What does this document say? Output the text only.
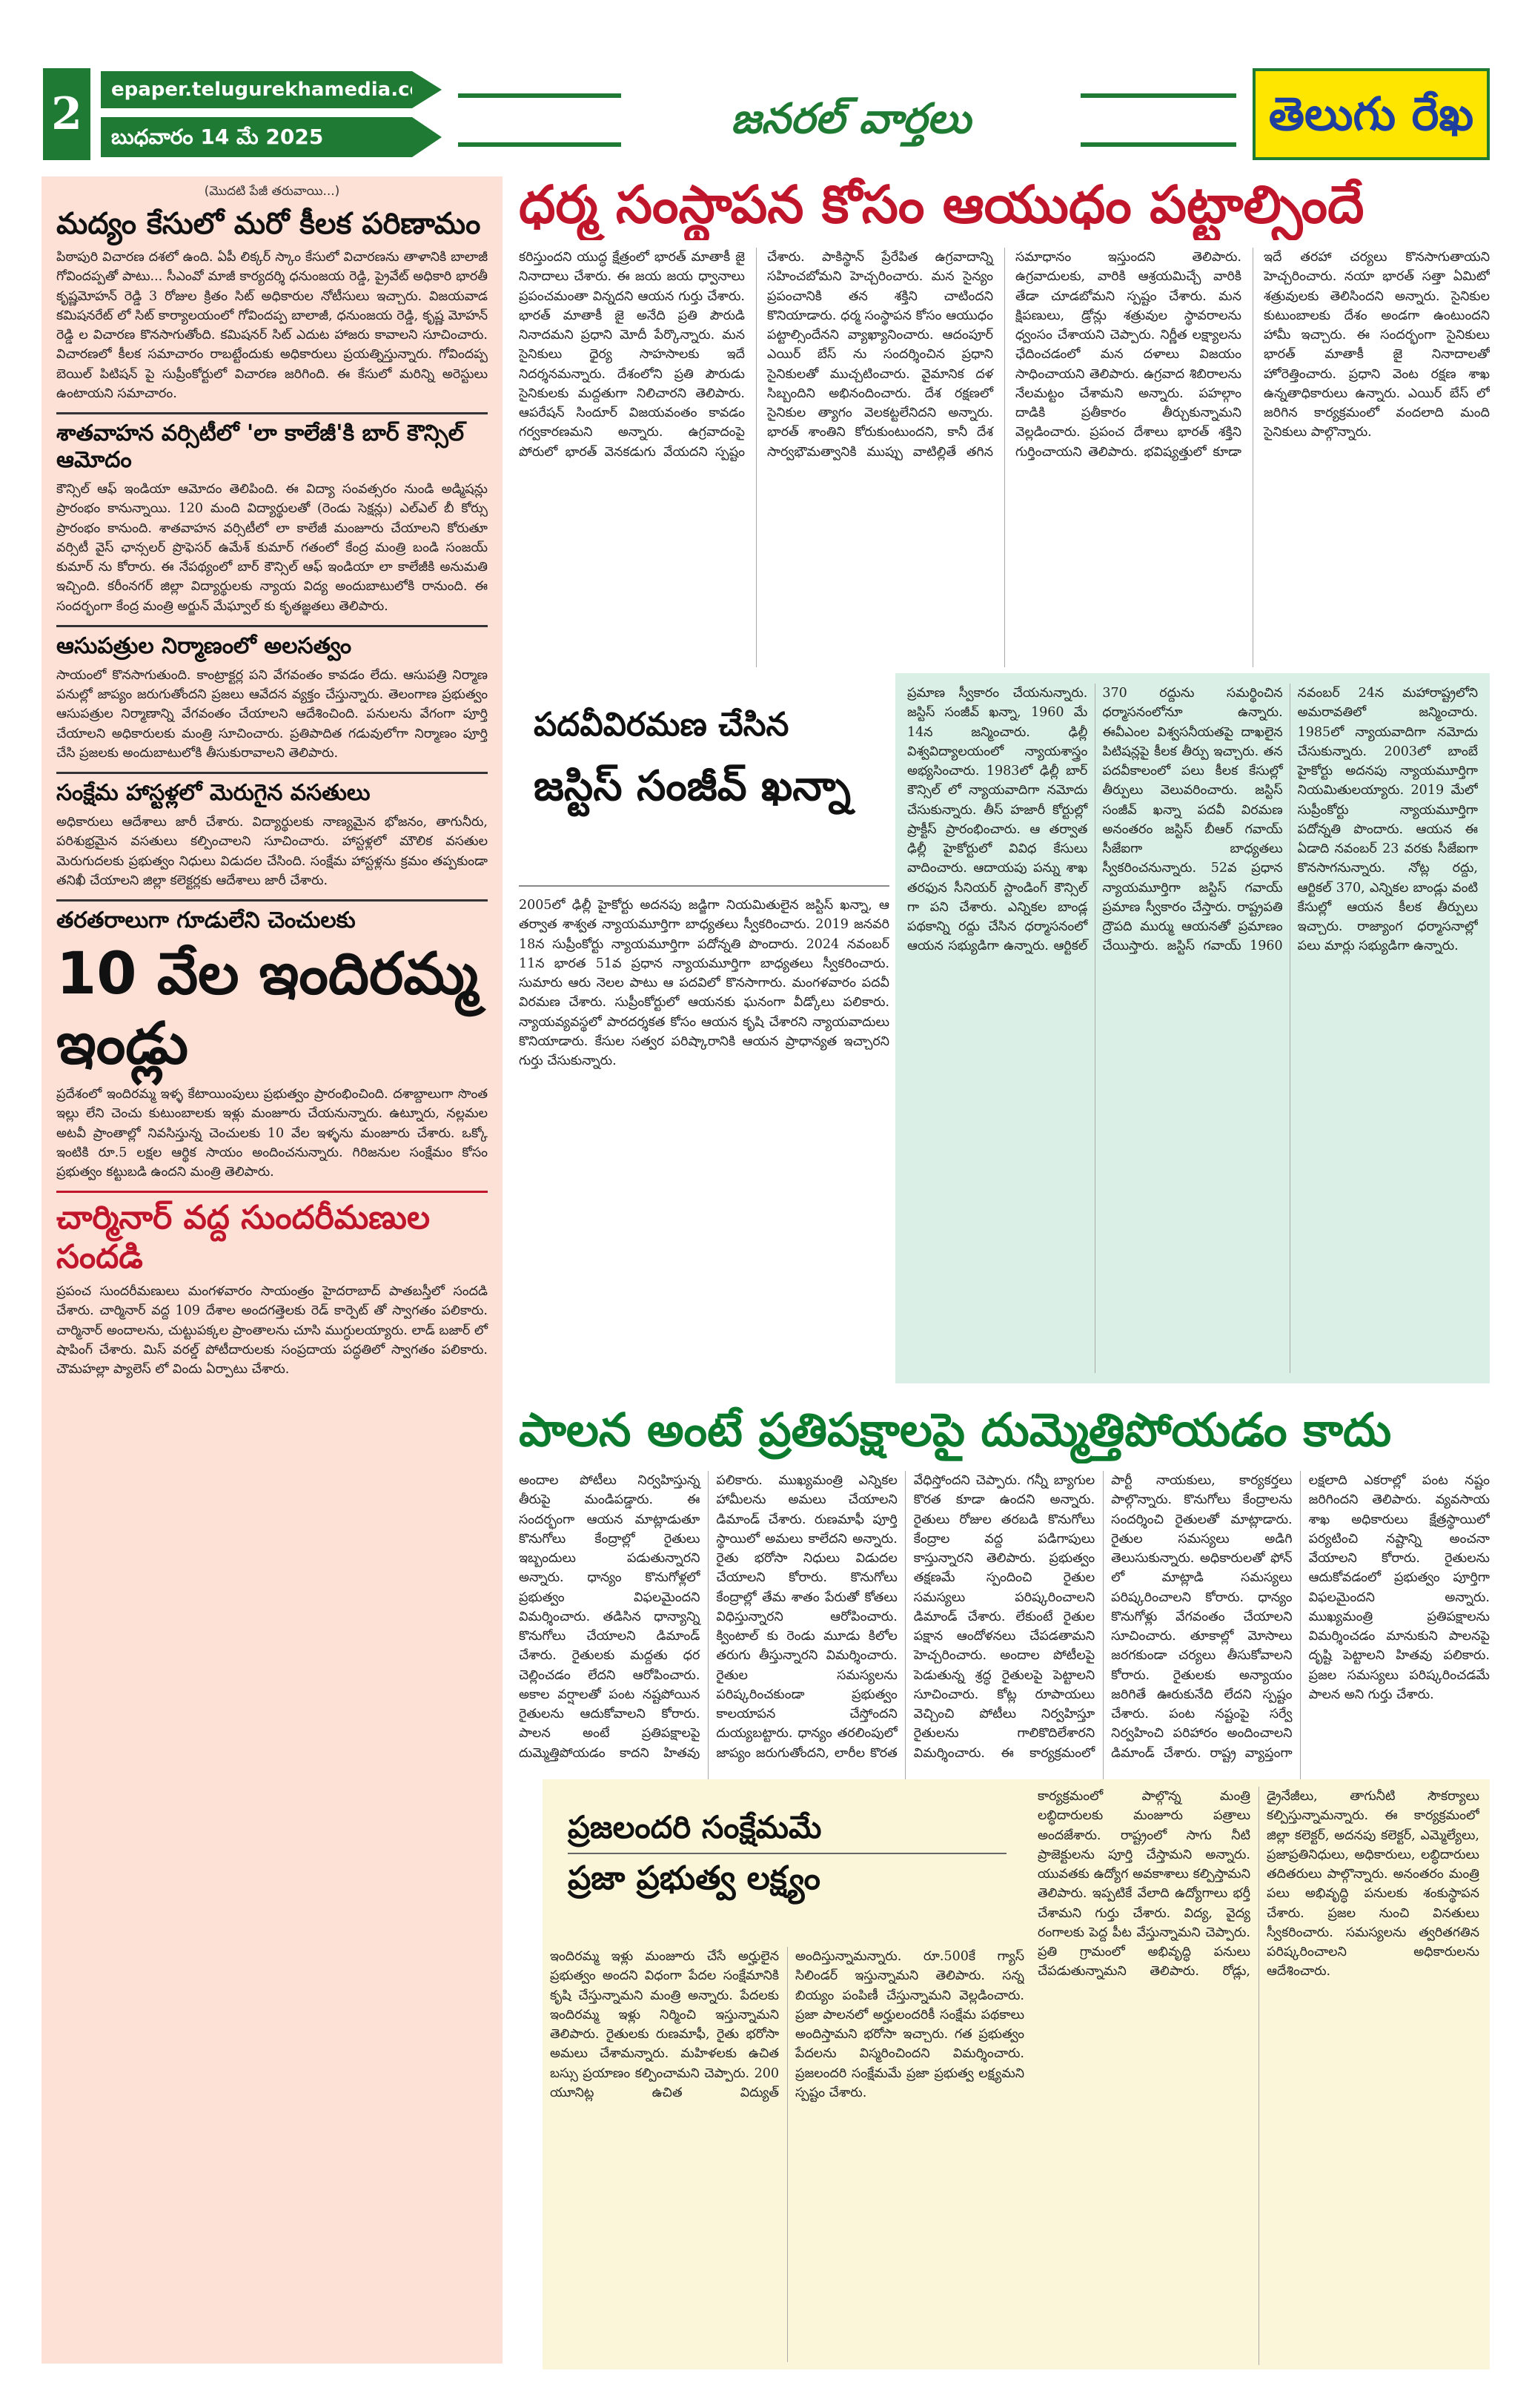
2	epaper.telugurekhamedia.com
బుధవారం 14 మే 2025	జనరల్ వార్తలు	తెలుగు రేఖ
(మొదటి పేజీ తరువాయి...)
మద్యం కేసులో మరో కీలక పరిణామం
పిఠాపురి విచారణ దశలో ఉంది. ఏపీ లిక్కర్ స్కాం కేసులో విచారణను తాళానికి బాలాజీ గోవిందప్పతో పాటు... సీఎంవో మాజీ కార్యదర్శి ధనుంజయ రెడ్డి, ప్రైవేట్ అధికారి భారతీ కృష్ణమోహన్ రెడ్డి 3 రోజుల క్రితం సిట్ అధికారుల నోటీసులు ఇచ్చారు. విజయవాడ కమిషనరేట్ లో సిట్ కార్యాలయంలో గోవిందప్ప బాలాజీ, ధనుంజయ రెడ్డి, కృష్ణ మోహన్ రెడ్డి ల విచారణ కొనసాగుతోంది. కమిషనర్ సిట్ ఎదుట హాజరు కావాలని సూచించారు. విచారణలో కీలక సమాచారం రాబట్టేందుకు అధికారులు ప్రయత్నిస్తున్నారు. గోవిందప్ప బెయిల్ పిటిషన్ పై సుప్రీంకోర్టులో విచారణ జరిగింది. ఈ కేసులో మరిన్ని అరెస్టులు ఉంటాయని సమాచారం.
శాతవాహన వర్సిటీలో 'లా కాలేజీ'కి బార్ కౌన్సిల్ ఆమోదం
కౌన్సిల్ ఆఫ్ ఇండియా ఆమోదం తెలిపింది. ఈ విద్యా సంవత్సరం నుండి అడ్మిషన్లు ప్రారంభం కానున్నాయి. 120 మంది విద్యార్థులతో (రెండు సెక్షన్లు) ఎల్ఎల్ బీ కోర్సు ప్రారంభం కానుంది. శాతవాహన వర్సిటీలో లా కాలేజీ మంజూరు చేయాలని కోరుతూ వర్సిటీ వైస్ ఛాన్సలర్ ప్రొఫెసర్ ఉమేశ్ కుమార్ గతంలో కేంద్ర మంత్రి బండి సంజయ్ కుమార్ ను కోరారు. ఈ నేపథ్యంలో బార్ కౌన్సిల్ ఆఫ్ ఇండియా లా కాలేజీకి అనుమతి ఇచ్చింది. కరీంనగర్ జిల్లా విద్యార్థులకు న్యాయ విద్య అందుబాటులోకి రానుంది. ఈ సందర్భంగా కేంద్ర మంత్రి అర్జున్ మేఘ్వాల్ కు కృతజ్ఞతలు తెలిపారు.
ఆసుపత్రుల నిర్మాణంలో అలసత్వం
సాయంలో కొనసాగుతుంది. కాంట్రాక్టర్ల పని వేగవంతం కావడం లేదు. ఆసుపత్రి నిర్మాణ పనుల్లో జాప్యం జరుగుతోందని ప్రజలు ఆవేదన వ్యక్తం చేస్తున్నారు. తెలంగాణ ప్రభుత్వం ఆసుపత్రుల నిర్మాణాన్ని వేగవంతం చేయాలని ఆదేశించింది. పనులను వేగంగా పూర్తి చేయాలని అధికారులకు మంత్రి సూచించారు. ప్రతిపాదిత గడువులోగా నిర్మాణం పూర్తి చేసి ప్రజలకు అందుబాటులోకి తీసుకురావాలని తెలిపారు.
సంక్షేమ హాస్టళ్లలో మెరుగైన వసతులు
అధికారులు ఆదేశాలు జారీ చేశారు. విద్యార్థులకు నాణ్యమైన భోజనం, తాగునీరు, పరిశుభ్రమైన వసతులు కల్పించాలని సూచించారు. హాస్టళ్లలో మౌలిక వసతుల మెరుగుదలకు ప్రభుత్వం నిధులు విడుదల చేసింది. సంక్షేమ హాస్టళ్లను క్రమం తప్పకుండా తనిఖీ చేయాలని జిల్లా కలెక్టర్లకు ఆదేశాలు జారీ చేశారు.
తరతరాలుగా గూడులేని చెంచులకు
10 వేల ఇందిరమ్మ ఇండ్లు
ప్రదేశంలో ఇందిరమ్మ ఇళ్ళ కేటాయింపులు ప్రభుత్వం ప్రారంభించింది. దశాబ్దాలుగా సొంత ఇల్లు లేని చెంచు కుటుంబాలకు ఇళ్లు మంజూరు చేయనున్నారు. ఉట్నూరు, నల్లమల అటవీ ప్రాంతాల్లో నివసిస్తున్న చెంచులకు 10 వేల ఇళ్ళను మంజూరు చేశారు. ఒక్కో ఇంటికి రూ.5 లక్షల ఆర్థిక సాయం అందించనున్నారు. గిరిజనుల సంక్షేమం కోసం ప్రభుత్వం కట్టుబడి ఉందని మంత్రి తెలిపారు.
చార్మినార్ వద్ద సుందరీమణుల సందడి
ప్రపంచ సుందరీమణులు మంగళవారం సాయంత్రం హైదరాబాద్ పాతబస్తీలో సందడి చేశారు. చార్మినార్ వద్ద 109 దేశాల అందగత్తెలకు రెడ్ కార్పెట్ తో స్వాగతం పలికారు. చార్మినార్ అందాలను, చుట్టుపక్కల ప్రాంతాలను చూసి ముగ్ధులయ్యారు. లాడ్ బజార్ లో షాపింగ్ చేశారు. మిస్ వరల్డ్ పోటీదారులకు సంప్రదాయ పద్ధతిలో స్వాగతం పలికారు. చౌమహల్లా ప్యాలెస్ లో విందు ఏర్పాటు చేశారు.
ధర్మ సంస్థాపన కోసం ఆయుధం పట్టాల్సిందే
కరిస్తుందని యుద్ధ క్షేత్రంలో భారత్ మాతాకీ జై నినాదాలు చేశారు. ఈ జయ జయ ధ్వానాలు ప్రపంచమంతా విన్నదని ఆయన గుర్తు చేశారు. భారత్ మాతాకీ జై అనేది ప్రతి పౌరుడి నినాదమని ప్రధాని మోదీ పేర్కొన్నారు. మన సైనికులు ధైర్య సాహసాలకు ఇదే నిదర్శనమన్నారు. దేశంలోని ప్రతి పౌరుడు సైనికులకు మద్దతుగా నిలిచారని తెలిపారు. ఆపరేషన్ సిందూర్ విజయవంతం కావడం గర్వకారణమని అన్నారు. ఉగ్రవాదంపై పోరులో భారత్ వెనకడుగు వేయదని స్పష్టం చేశారు. పాకిస్థాన్ ప్రేరేపిత ఉగ్రవాదాన్ని సహించబోమని హెచ్చరించారు. మన సైన్యం ప్రపంచానికి తన శక్తిని చాటిందని కొనియాడారు. ధర్మ సంస్థాపన కోసం ఆయుధం పట్టాల్సిందేనని వ్యాఖ్యానించారు. ఆదంపూర్ ఎయిర్ బేస్ ను సందర్శించిన ప్రధాని సైనికులతో ముచ్చటించారు. వైమానిక దళ సిబ్బందిని అభినందించారు. దేశ రక్షణలో సైనికుల త్యాగం వెలకట్టలేనిదని అన్నారు. భారత్ శాంతిని కోరుకుంటుందని, కానీ దేశ సార్వభౌమత్వానికి ముప్పు వాటిల్లితే తగిన సమాధానం ఇస్తుందని తెలిపారు. ఉగ్రవాదులకు, వారికి ఆశ్రయమిచ్చే వారికి తేడా చూడబోమని స్పష్టం చేశారు. మన క్షిపణులు, డ్రోన్లు శత్రువుల స్థావరాలను ధ్వంసం చేశాయని చెప్పారు. నిర్ణీత లక్ష్యాలను ఛేదించడంలో మన దళాలు విజయం సాధించాయని తెలిపారు. ఉగ్రవాద శిబిరాలను నేలమట్టం చేశామని అన్నారు. పహల్గాం దాడికి ప్రతీకారం తీర్చుకున్నామని వెల్లడించారు. ప్రపంచ దేశాలు భారత్ శక్తిని గుర్తించాయని తెలిపారు. భవిష్యత్తులో కూడా ఇదే తరహా చర్యలు కొనసాగుతాయని హెచ్చరించారు. నయా భారత్ సత్తా ఏమిటో శత్రువులకు తెలిసిందని అన్నారు. సైనికుల కుటుంబాలకు దేశం అండగా ఉంటుందని హామీ ఇచ్చారు. ఈ సందర్భంగా సైనికులు భారత్ మాతాకీ జై నినాదాలతో హోరెత్తించారు. ప్రధాని వెంట రక్షణ శాఖ ఉన్నతాధికారులు ఉన్నారు. ఎయిర్ బేస్ లో జరిగిన కార్యక్రమంలో వందలాది మంది సైనికులు పాల్గొన్నారు.
పదవీవిరమణ చేసిన
జస్టిస్ సంజీవ్ ఖన్నా
2005లో ఢిల్లీ హైకోర్టు అదనపు జడ్జిగా నియమితులైన జస్టిస్ ఖన్నా, ఆ తర్వాత శాశ్వత న్యాయమూర్తిగా బాధ్యతలు స్వీకరించారు. 2019 జనవరి 18న సుప్రీంకోర్టు న్యాయమూర్తిగా పదోన్నతి పొందారు. 2024 నవంబర్ 11న భారత 51వ ప్రధాన న్యాయమూర్తిగా బాధ్యతలు స్వీకరించారు. సుమారు ఆరు నెలల పాటు ఆ పదవిలో కొనసాగారు. మంగళవారం పదవీ విరమణ చేశారు. సుప్రీంకోర్టులో ఆయనకు ఘనంగా వీడ్కోలు పలికారు. న్యాయవ్యవస్థలో పారదర్శకత కోసం ఆయన కృషి చేశారని న్యాయవాదులు కొనియాడారు. కేసుల సత్వర పరిష్కారానికి ఆయన ప్రాధాన్యత ఇచ్చారని గుర్తు చేసుకున్నారు.
ప్రమాణ స్వీకారం చేయనున్నారు. జస్టిస్ సంజీవ్ ఖన్నా, 1960 మే 14న జన్మించారు. ఢిల్లీ విశ్వవిద్యాలయంలో న్యాయశాస్త్రం అభ్యసించారు. 1983లో ఢిల్లీ బార్ కౌన్సిల్ లో న్యాయవాదిగా నమోదు చేసుకున్నారు. తీస్ హజారీ కోర్టుల్లో ప్రాక్టీస్ ప్రారంభించారు. ఆ తర్వాత ఢిల్లీ హైకోర్టులో వివిధ కేసులు వాదించారు. ఆదాయపు పన్ను శాఖ తరఫున సీనియర్ స్టాండింగ్ కౌన్సిల్ గా పని చేశారు. ఎన్నికల బాండ్ల పథకాన్ని రద్దు చేసిన ధర్మాసనంలో ఆయన సభ్యుడిగా ఉన్నారు. ఆర్టికల్ 370 రద్దును సమర్థించిన ధర్మాసనంలోనూ ఉన్నారు. ఈవీఎంల విశ్వసనీయతపై దాఖలైన పిటిషన్లపై కీలక తీర్పు ఇచ్చారు. తన పదవీకాలంలో పలు కీలక కేసుల్లో తీర్పులు వెలువరించారు. జస్టిస్ సంజీవ్ ఖన్నా పదవీ విరమణ అనంతరం జస్టిస్ బీఆర్ గవాయ్ సీజేఐగా బాధ్యతలు స్వీకరించనున్నారు. 52వ ప్రధాన న్యాయమూర్తిగా జస్టిస్ గవాయ్ ప్రమాణ స్వీకారం చేస్తారు. రాష్ట్రపతి ద్రౌపది ముర్ము ఆయనతో ప్రమాణం చేయిస్తారు. జస్టిస్ గవాయ్ 1960 నవంబర్ 24న మహారాష్ట్రలోని అమరావతిలో జన్మించారు. 1985లో న్యాయవాదిగా నమోదు చేసుకున్నారు. 2003లో బాంబే హైకోర్టు అదనపు న్యాయమూర్తిగా నియమితులయ్యారు. 2019 మేలో సుప్రీంకోర్టు న్యాయమూర్తిగా పదోన్నతి పొందారు. ఆయన ఈ ఏడాది నవంబర్ 23 వరకు సీజేఐగా కొనసాగనున్నారు. నోట్ల రద్దు, ఆర్టికల్ 370, ఎన్నికల బాండ్లు వంటి కేసుల్లో ఆయన కీలక తీర్పులు ఇచ్చారు. రాజ్యాంగ ధర్మాసనాల్లో పలు మార్లు సభ్యుడిగా ఉన్నారు.
పాలన అంటే ప్రతిపక్షాలపై దుమ్మెత్తిపోయడం కాదు
అందాల పోటీలు నిర్వహిస్తున్న తీరుపై మండిపడ్డారు. ఈ సందర్భంగా ఆయన మాట్లాడుతూ కొనుగోలు కేంద్రాల్లో రైతులు ఇబ్బందులు పడుతున్నారని అన్నారు. ధాన్యం కొనుగోళ్లలో ప్రభుత్వం విఫలమైందని విమర్శించారు. తడిసిన ధాన్యాన్ని కొనుగోలు చేయాలని డిమాండ్ చేశారు. రైతులకు మద్దతు ధర చెల్లించడం లేదని ఆరోపించారు. అకాల వర్షాలతో పంట నష్టపోయిన రైతులను ఆదుకోవాలని కోరారు. పాలన అంటే ప్రతిపక్షాలపై దుమ్మెత్తిపోయడం కాదని హితవు పలికారు. ముఖ్యమంత్రి ఎన్నికల హామీలను అమలు చేయాలని డిమాండ్ చేశారు. రుణమాఫీ పూర్తి స్థాయిలో అమలు కాలేదని అన్నారు. రైతు భరోసా నిధులు విడుదల చేయాలని కోరారు. కొనుగోలు కేంద్రాల్లో తేమ శాతం పేరుతో కోతలు విధిస్తున్నారని ఆరోపించారు. క్వింటాల్ కు రెండు మూడు కిలోల తరుగు తీస్తున్నారని విమర్శించారు. రైతుల సమస్యలను పరిష్కరించకుండా ప్రభుత్వం కాలయాపన చేస్తోందని దుయ్యబట్టారు. ధాన్యం తరలింపులో జాప్యం జరుగుతోందని, లారీల కొరత వేధిస్తోందని చెప్పారు. గన్నీ బ్యాగుల కొరత కూడా ఉందని అన్నారు. రైతులు రోజుల తరబడి కొనుగోలు కేంద్రాల వద్ద పడిగాపులు కాస్తున్నారని తెలిపారు. ప్రభుత్వం తక్షణమే స్పందించి రైతుల సమస్యలు పరిష్కరించాలని డిమాండ్ చేశారు. లేకుంటే రైతుల పక్షాన ఆందోళనలు చేపడతామని హెచ్చరించారు. అందాల పోటీలపై పెడుతున్న శ్రద్ధ రైతులపై పెట్టాలని సూచించారు. కోట్ల రూపాయలు వెచ్చించి పోటీలు నిర్వహిస్తూ రైతులను గాలికొదిలేశారని విమర్శించారు. ఈ కార్యక్రమంలో పార్టీ నాయకులు, కార్యకర్తలు పాల్గొన్నారు. కొనుగోలు కేంద్రాలను సందర్శించి రైతులతో మాట్లాడారు. రైతుల సమస్యలు అడిగి తెలుసుకున్నారు. అధికారులతో ఫోన్ లో మాట్లాడి సమస్యలు పరిష్కరించాలని కోరారు. ధాన్యం కొనుగోళ్లు వేగవంతం చేయాలని సూచించారు. తూకాల్లో మోసాలు జరగకుండా చర్యలు తీసుకోవాలని కోరారు. రైతులకు అన్యాయం జరిగితే ఊరుకునేది లేదని స్పష్టం చేశారు. పంట నష్టంపై సర్వే నిర్వహించి పరిహారం అందించాలని డిమాండ్ చేశారు. రాష్ట్ర వ్యాప్తంగా లక్షలాది ఎకరాల్లో పంట నష్టం జరిగిందని తెలిపారు. వ్యవసాయ శాఖ అధికారులు క్షేత్రస్థాయిలో పర్యటించి నష్టాన్ని అంచనా వేయాలని కోరారు. రైతులను ఆదుకోవడంలో ప్రభుత్వం పూర్తిగా విఫలమైందని అన్నారు. ముఖ్యమంత్రి ప్రతిపక్షాలను విమర్శించడం మానుకుని పాలనపై దృష్టి పెట్టాలని హితవు పలికారు. ప్రజల సమస్యలు పరిష్కరించడమే పాలన అని గుర్తు చేశారు.
ప్రజలందరి సంక్షేమమే
ప్రజా ప్రభుత్వ లక్ష్యం
ఇందిరమ్మ ఇళ్లు మంజూరు చేసే అర్హులైన ప్రభుత్వం అందని విధంగా పేదల సంక్షేమానికి కృషి చేస్తున్నామని మంత్రి అన్నారు. పేదలకు ఇందిరమ్మ ఇళ్లు నిర్మించి ఇస్తున్నామని తెలిపారు. రైతులకు రుణమాఫీ, రైతు భరోసా అమలు చేశామన్నారు. మహిళలకు ఉచిత బస్సు ప్రయాణం కల్పించామని చెప్పారు. 200 యూనిట్ల ఉచిత విద్యుత్ అందిస్తున్నామన్నారు. రూ.500కే గ్యాస్ సిలిండర్ ఇస్తున్నామని తెలిపారు. సన్న బియ్యం పంపిణీ చేస్తున్నామని వెల్లడించారు. ప్రజా పాలనలో అర్హులందరికీ సంక్షేమ పథకాలు అందిస్తామని భరోసా ఇచ్చారు. గత ప్రభుత్వం పేదలను విస్మరించిందని విమర్శించారు. ప్రజలందరి సంక్షేమమే ప్రజా ప్రభుత్వ లక్ష్యమని స్పష్టం చేశారు.
కార్యక్రమంలో పాల్గొన్న మంత్రి లబ్ధిదారులకు మంజూరు పత్రాలు అందజేశారు. రాష్ట్రంలో సాగు నీటి ప్రాజెక్టులను పూర్తి చేస్తామని అన్నారు. యువతకు ఉద్యోగ అవకాశాలు కల్పిస్తామని తెలిపారు. ఇప్పటికే వేలాది ఉద్యోగాలు భర్తీ చేశామని గుర్తు చేశారు. విద్య, వైద్య రంగాలకు పెద్ద పీట వేస్తున్నామని చెప్పారు. ప్రతి గ్రామంలో అభివృద్ధి పనులు చేపడుతున్నామని తెలిపారు. రోడ్లు, డ్రైనేజీలు, తాగునీటి సౌకర్యాలు కల్పిస్తున్నామన్నారు. ఈ కార్యక్రమంలో జిల్లా కలెక్టర్, అదనపు కలెక్టర్, ఎమ్మెల్యేలు, ప్రజాప్రతినిధులు, అధికారులు, లబ్ధిదారులు తదితరులు పాల్గొన్నారు. అనంతరం మంత్రి పలు అభివృద్ధి పనులకు శంకుస్థాపన చేశారు. ప్రజల నుంచి వినతులు స్వీకరించారు. సమస్యలను త్వరితగతిన పరిష్కరించాలని అధికారులను ఆదేశించారు.
